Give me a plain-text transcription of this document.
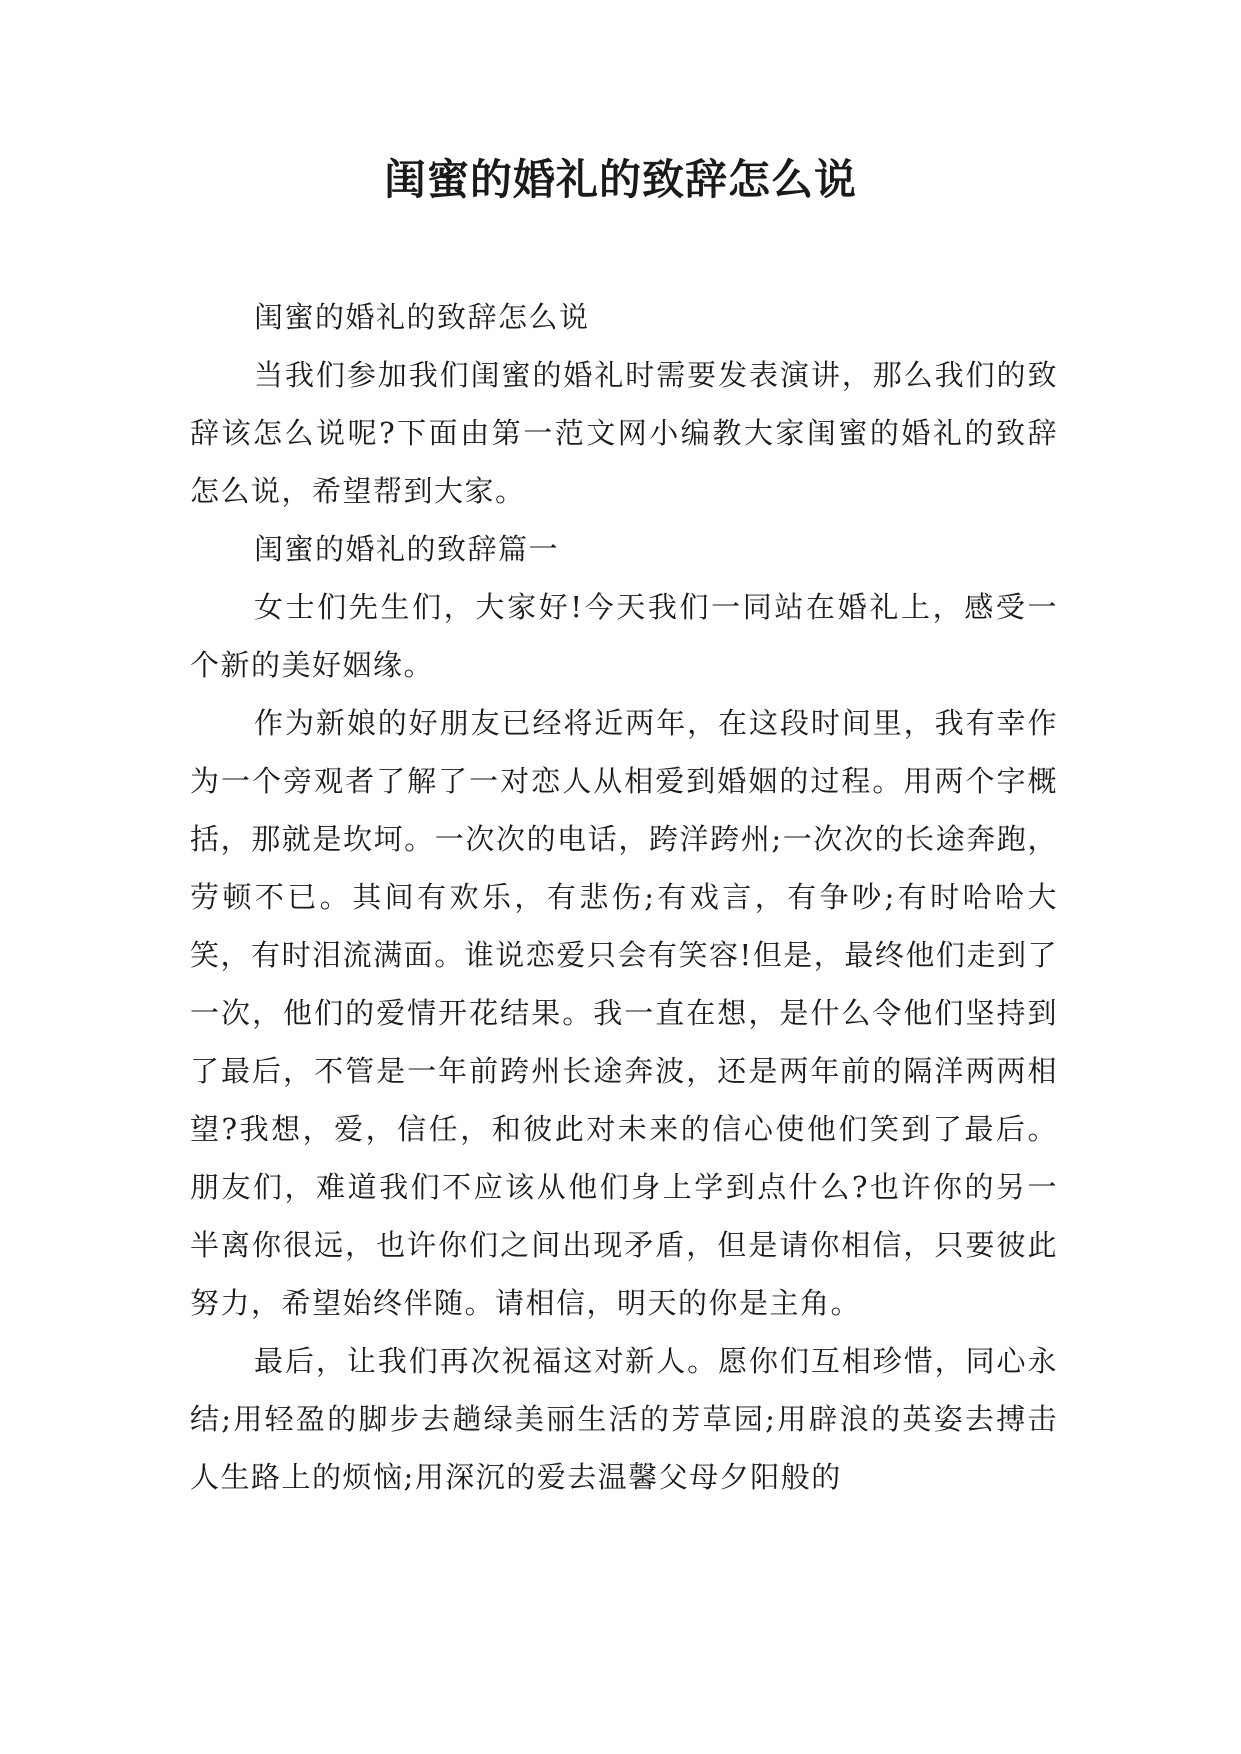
闺蜜的婚礼的致辞怎么说

闺蜜的婚礼的致辞怎么说

当我们参加我们闺蜜的婚礼时需要发表演讲，那么我们的致辞该怎么说呢?下面由第一范文网小编教大家闺蜜的婚礼的致辞怎么说，希望帮到大家。

闺蜜的婚礼的致辞篇一

女士们先生们，大家好!今天我们一同站在婚礼上，感受一个新的美好姻缘。

作为新娘的好朋友已经将近两年，在这段时间里，我有幸作为一个旁观者了解了一对恋人从相爱到婚姻的过程。用两个字概括，那就是坎坷。一次次的电话，跨洋跨州;一次次的长途奔跑，劳顿不已。其间有欢乐，有悲伤;有戏言，有争吵;有时哈哈大笑，有时泪流满面。谁说恋爱只会有笑容!但是，最终他们走到了一次，他们的爱情开花结果。我一直在想，是什么令他们坚持到了最后，不管是一年前跨州长途奔波，还是两年前的隔洋两两相望?我想，爱，信任，和彼此对未来的信心使他们笑到了最后。朋友们，难道我们不应该从他们身上学到点什么?也许你的另一半离你很远，也许你们之间出现矛盾，但是请你相信，只要彼此努力，希望始终伴随。请相信，明天的你是主角。

最后，让我们再次祝福这对新人。愿你们互相珍惜，同心永结;用轻盈的脚步去趟绿美丽生活的芳草园;用辟浪的英姿去搏击人生路上的烦恼;用深沉的爱去温馨父母夕阳般的
